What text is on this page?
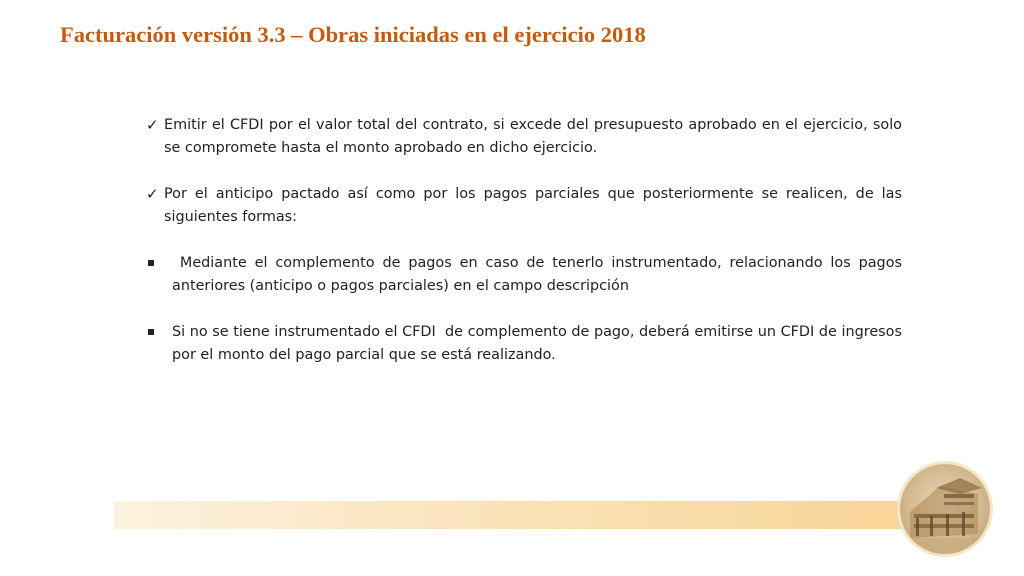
Facturación versión 3.3 – Obras iniciadas en el ejercicio 2018
✓ Emitir el CFDI por el valor total del contrato, si excede del presupuesto aprobado en el ejercicio, solo se compromete hasta el monto aprobado en dicho ejercicio.
✓ Por el anticipo pactado así como por los pagos parciales que posteriormente se realicen, de las siguientes formas:
Mediante el complemento de pagos en caso de tenerlo instrumentado, relacionando los pagos anteriores (anticipo o pagos parciales) en el campo descripción
Si no se tiene instrumentado el CFDI  de complemento de pago, deberá emitirse un CFDI de ingresos por el monto del pago parcial que se está realizando.
